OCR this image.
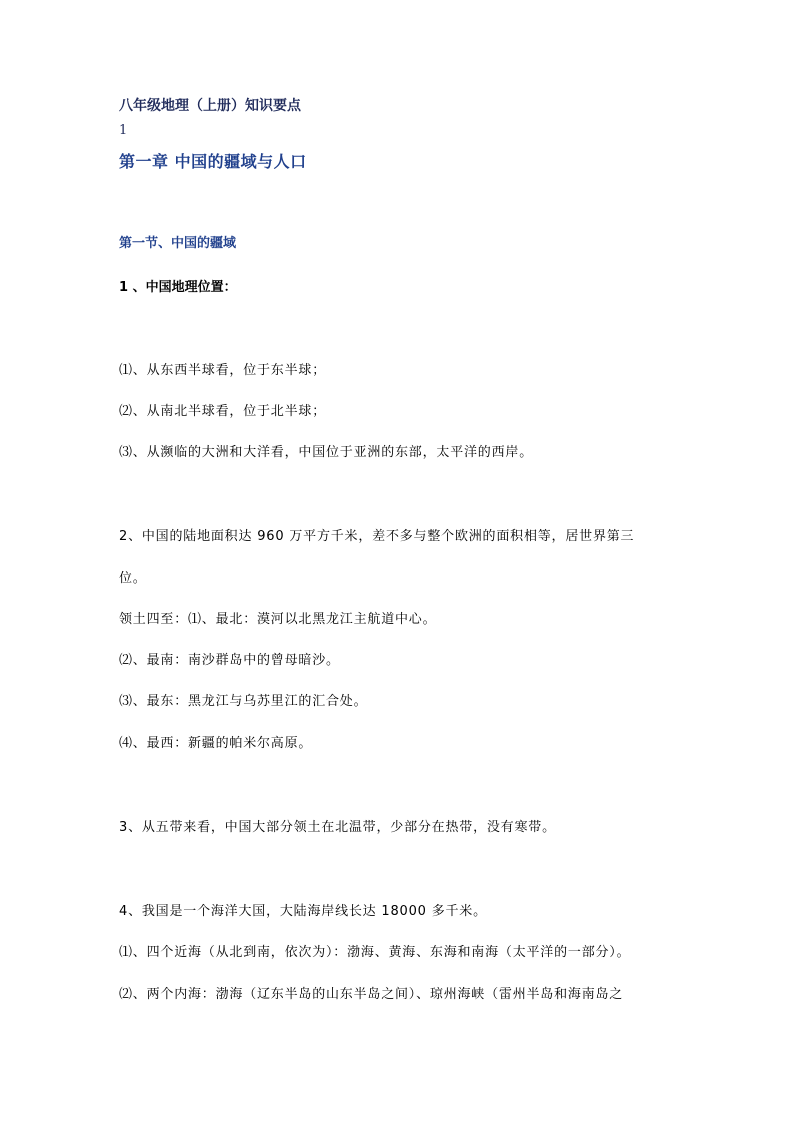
八年级地理（上册）知识要点
1
第一章 中国的疆域与人口
第一节、中国的疆域
1 、中国地理位置：
⑴、从东西半球看，位于东半球；
⑵、从南北半球看，位于北半球；
⑶、从濒临的大洲和大洋看，中国位于亚洲的东部，太平洋的西岸。
2、中国的陆地面积达 960 万平方千米，差不多与整个欧洲的面积相等，居世界第三
位。
领土四至：⑴、最北：漠河以北黑龙江主航道中心。
⑵、最南：南沙群岛中的曾母暗沙。
⑶、最东：黑龙江与乌苏里江的汇合处。
⑷、最西：新疆的帕米尔高原。
3、从五带来看，中国大部分领土在北温带，少部分在热带，没有寒带。
4、我国是一个海洋大国，大陆海岸线长达 18000 多千米。
⑴、四个近海（从北到南，依次为）：渤海、黄海、东海和南海（太平洋的一部分）。
⑵、两个内海：渤海（辽东半岛的山东半岛之间）、琼州海峡（雷州半岛和海南岛之
